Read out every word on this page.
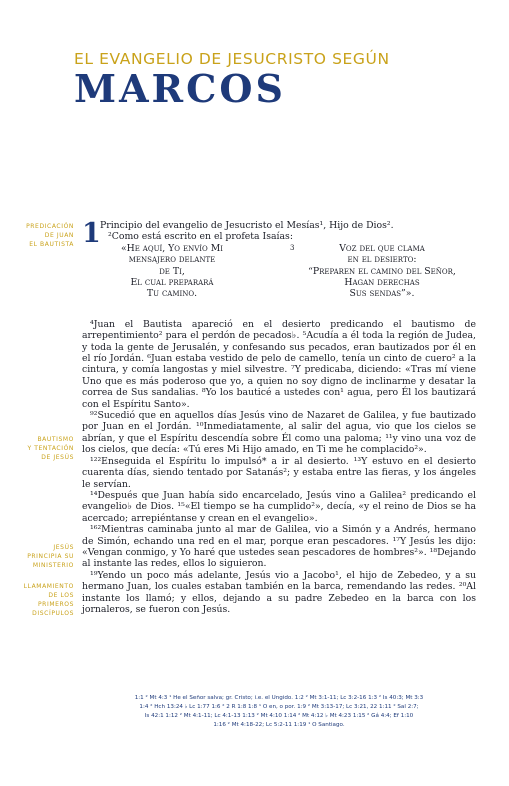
EL EVANGELIO DE JESUCRISTO SEGÚN
MARCOS
PREDICACIÓN
DE JUAN
EL BAUTISTA
BAUTISMO
Y TENTACIÓN
DE JESÚS
JESÚS
PRINCIPIA SU
MINISTERIO
LLAMAMIENTO
DE LOS
PRIMEROS
DISCÍPULOS
1 Principio del evangelio de Jesucristo el Mesías¹, Hijo de Dios².

²Como está escrito en el profeta Isaías:

«He aquí, Yo envío Mi
mensajero delante
de Ti,
El cual preparará
Tu camino.
3	Voz del que clama
en el desierto:
“Preparen el camino del Señor,
Hagan derechas
Sus sendas”».

⁴Juan el Bautista apareció en el desierto predicando el bautismo de arrepentimiento² para el perdón de pecados♭. ⁵Acudía a él toda la región de Judea, y toda la gente de Jerusalén, y confesando sus pecados, eran bautizados por él en el río Jordán. ⁶Juan estaba vestido de pelo de camello, tenía un cinto de cuero² a la cintura, y comía langostas y miel silvestre. ⁷Y predicaba, diciendo: «Tras mí viene Uno que es más poderoso que yo, a quien no soy digno de inclinarme y desatar la correa de Sus sandalias. ⁸Yo los bauticé a ustedes con¹ agua, pero Él los bautizará con el Espíritu Santo».

⁹²Sucedió que en aquellos días Jesús vino de Nazaret de Galilea, y fue bautizado por Juan en el Jordán. ¹⁰Inmediatamente, al salir del agua, vio que los cielos se abrían, y que el Espíritu descendía sobre Él como una paloma; ¹¹y vino una voz de los cielos, que decía: «Tú eres Mi Hijo amado, en Ti me he complacido²».

¹²²Enseguida el Espíritu lo impulsó* a ir al desierto. ¹³Y estuvo en el desierto cuarenta días, siendo tentado por Satanás²; y estaba entre las fieras, y los ángeles le servían.

¹⁴Después que Juan había sido encarcelado, Jesús vino a Galilea² predicando el evangelio♭ de Dios. ¹⁵«El tiempo se ha cumplido²», decía, «y el reino de Dios se ha acercado; arrepiéntanse y crean en el evangelio».

¹⁶²Mientras caminaba junto al mar de Galilea, vio a Simón y a Andrés, hermano de Simón, echando una red en el mar, porque eran pescadores. ¹⁷Y Jesús les dijo: «Vengan conmigo, y Yo haré que ustedes sean pescadores de hombres²». ¹⁸Dejando al instante las redes, ellos lo siguieron.

¹⁹Yendo un poco más adelante, Jesús vio a Jacobo¹, el hijo de Zebedeo, y a su hermano Juan, los cuales estaban también en la barca, remendando las redes. ²⁰Al instante los llamó; y ellos, dejando a su padre Zebedeo en la barca con los jornaleros, se fueron con Jesús.

1:1 ² Mt 4:3 ¹ He el Señor salva; gr. Cristo; i.e. el Ungido. 1:2 ² Mt 3:1-11; Lc 3:2-16 1:3 ² Is 40:3; Mt 3:3
1:4 ² Hch 13:24 ♭ Lc 1:77 1:6 ² 2 R 1:8 1:8 ¹ O en, o por. 1:9 ² Mt 3:13-17; Lc 3:21, 22 1:11 ² Sal 2:7;
Is 42:1 1:12 ² Mt 4:1-11; Lc 4:1-13 1:13 ² Mt 4:10 1:14 ² Mt 4:12 ♭ Mt 4:23 1:15 ² Gá 4:4; Ef 1:10
1:16 ² Mt 4:18-22; Lc 5:2-11 1:19 ¹ O Santiago.
